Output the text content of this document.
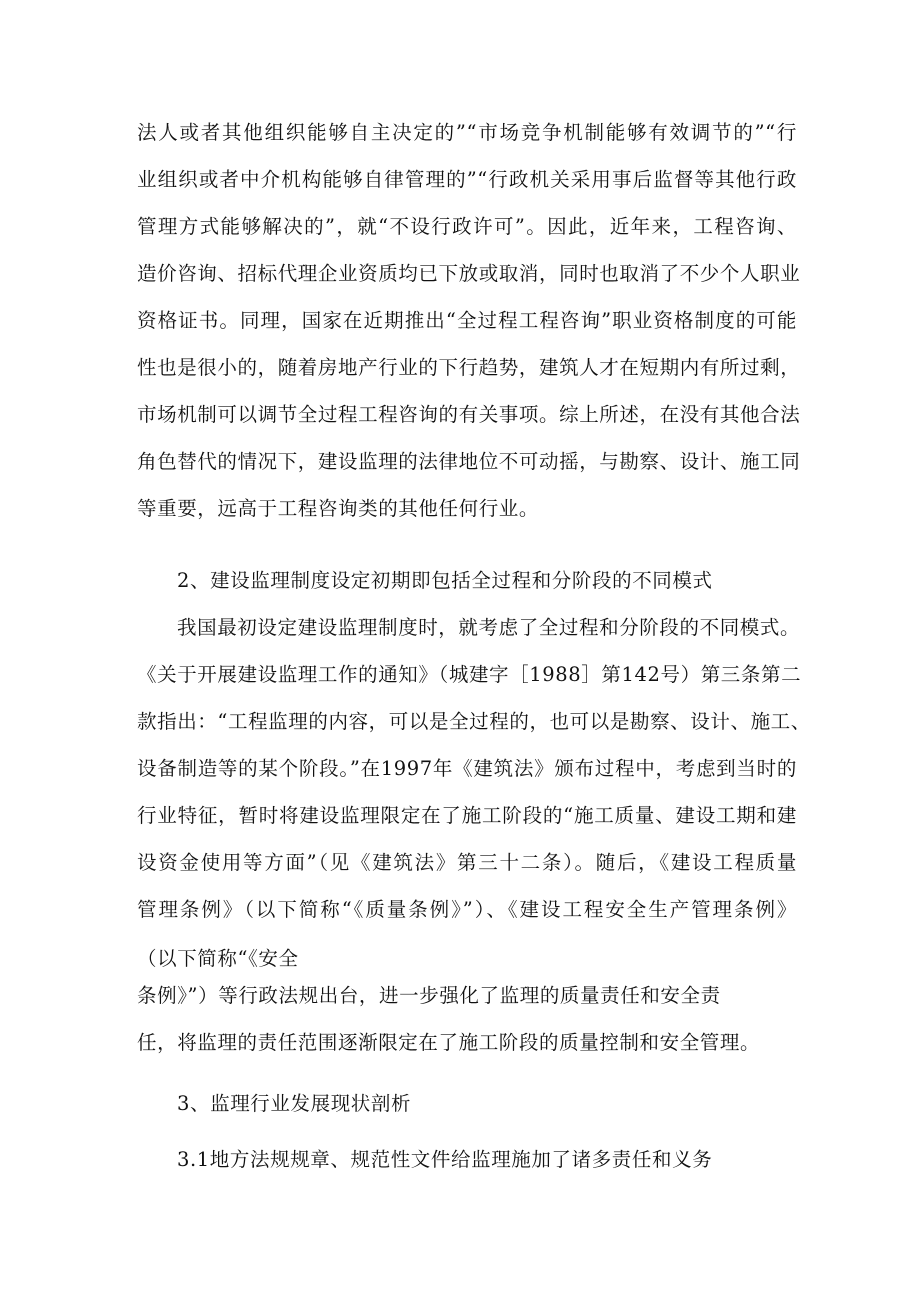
法人或者其他组织能够自主决定的”“市场竞争机制能够有效调节的”“行
业组织或者中介机构能够自律管理的”“行政机关采用事后监督等其他行政
管理方式能够解决的”，就“不设行政许可”。因此，近年来，工程咨询、
造价咨询、招标代理企业资质均已下放或取消，同时也取消了不少个人职业
资格证书。同理，国家在近期推出“全过程工程咨询”职业资格制度的可能
性也是很小的，随着房地产行业的下行趋势，建筑人才在短期内有所过剩，
市场机制可以调节全过程工程咨询的有关事项。综上所述，在没有其他合法
角色替代的情况下，建设监理的法律地位不可动摇，与勘察、设计、施工同
等重要，远高于工程咨询类的其他任何行业。
2、建设监理制度设定初期即包括全过程和分阶段的不同模式
我国最初设定建设监理制度时，就考虑了全过程和分阶段的不同模式。
《关于开展建设监理工作的通知》（城建字［1988］第142号）第三条第二
款指出：“工程监理的内容，可以是全过程的，也可以是勘察、设计、施工、
设备制造等的某个阶段。”在1997年《建筑法》颁布过程中，考虑到当时的
行业特征，暂时将建设监理限定在了施工阶段的“施工质量、建设工期和建
设资金使用等方面”（见《建筑法》第三十二条）。随后，《建设工程质量
管理条例》（以下简称“《质量条例》”）、《建设工程安全生产管理条例》
（以下简称“《安全
条例》”）等行政法规出台，进一步强化了监理的质量责任和安全责
任，将监理的责任范围逐渐限定在了施工阶段的质量控制和安全管理。
3、监理行业发展现状剖析
3.1地方法规规章、规范性文件给监理施加了诸多责任和义务
